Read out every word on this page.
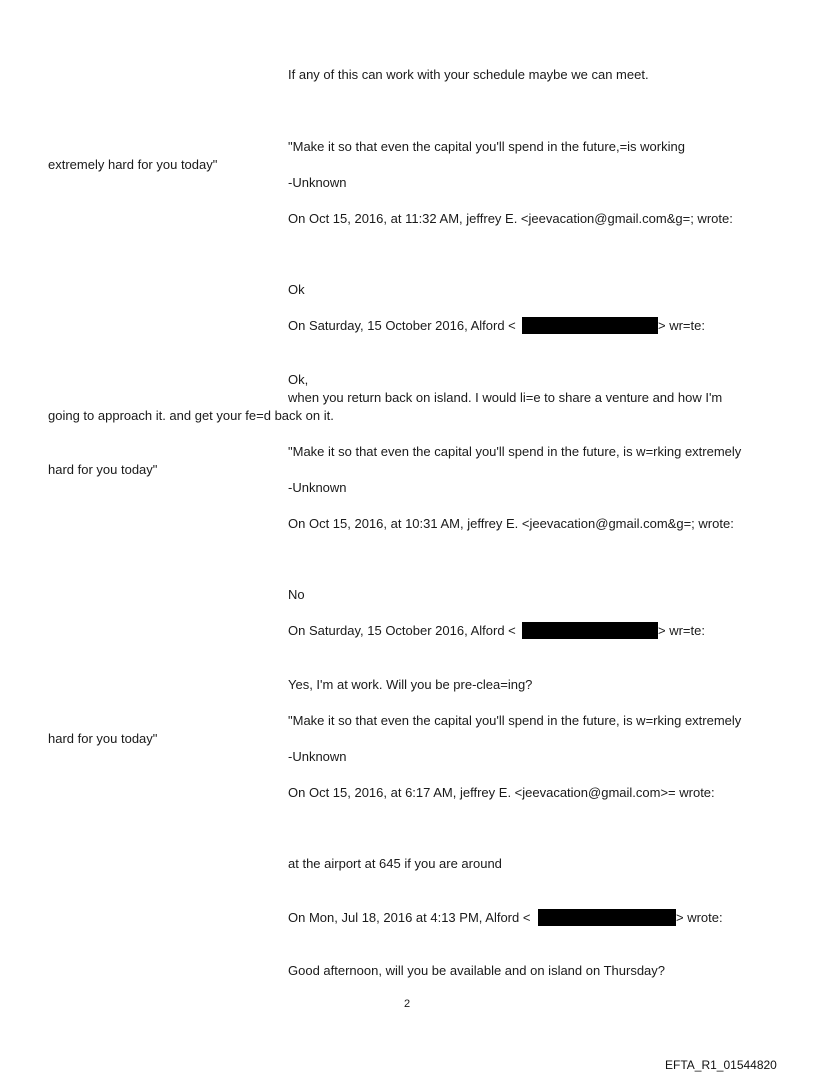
If any of this can work with your schedule maybe we can meet.
"Make it so that even the capital you'll spend in the future,=is working
extremely hard for you today"
-Unknown
On Oct 15, 2016, at 11:32 AM, jeffrey E. <jeevacation@gmail.com&g=; wrote:
Ok
On Saturday, 15 October 2016, Alford <	> wr=te:
Ok,
when you return back on island. I would li=e to share a venture and how I'm
going to approach it. and get your fe=d back on it.
"Make it so that even the capital you'll spend in the future, is w=rking extremely
hard for you today"
-Unknown
On Oct 15, 2016, at 10:31 AM, jeffrey E. <jeevacation@gmail.com&g=; wrote:
No
On Saturday, 15 October 2016, Alford <	> wr=te:
Yes, I'm at work. Will you be pre-clea=ing?
"Make it so that even the capital you'll spend in the future, is w=rking extremely
hard for you today"
-Unknown
On Oct 15, 2016, at 6:17 AM, jeffrey E. <jeevacation@gmail.com>= wrote:
at the airport at 645 if you are around
On Mon, Jul 18, 2016 at 4:13 PM, Alford <	> wrote:
Good afternoon, will you be available and on island on Thursday?
2
EFTA_R1_01544820
